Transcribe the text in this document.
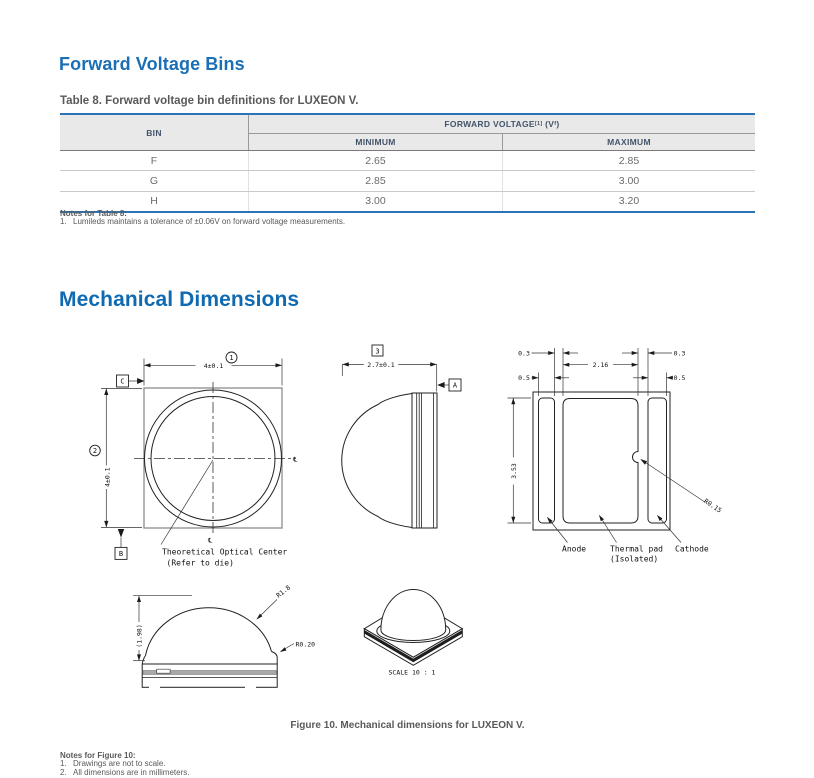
Forward Voltage Bins
Table 8. Forward voltage bin definitions for LUXEON V.
BIN
FORWARD VOLTAGE [1]
(V f )
MINIMUM	MAXIMUM
F	2.65	2.85
G	2.85	3.00
H	3.00	3.20
Notes for Table 8:
1. Lumileds maintains a tolerance of ±0.06V on forward voltage measurements.
Mechanical Dimensions
℄
℄
4±0.1
1
4±0.1
2
C
B	Theoretical Optical Center
(Refer to die)
3
2.7±0.1
A
0.3	0.3
2.16
0.5	0.5
3.53
R0.15
Anode	Thermal pad
(Isolated)
Cathode
(1.98)
R1.8
R0.20
SCALE 10 : 1
Figure 10. Mechanical dimensions for LUXEON V.
Notes for Figure 10:
1. Drawings are not to scale.
2. All dimensions are in millimeters.
